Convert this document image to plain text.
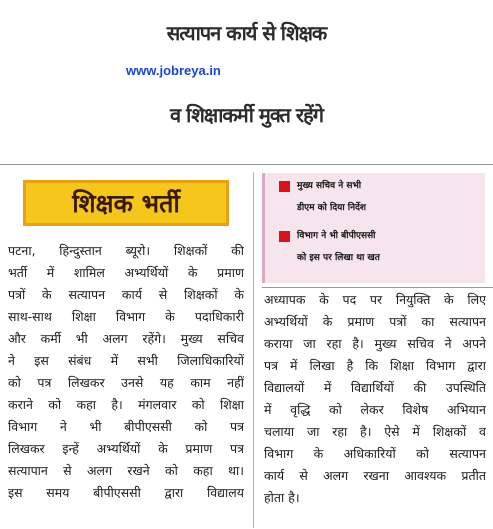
सत्यापन कार्य से शिक्षक
www.jobreya.in
व शिक्षाकर्मी मुक्त रहेंगे
शिक्षक भर्ती
मुख्य सचिव ने सभी
डीएम को दिया निर्देश
विभाग ने भी बीपीएससी
को इस पर लिखा था खत
पटना, हिन्दुस्तान ब्यूरो। शिक्षकों की
भर्ती में शामिल अभ्यर्थियों के प्रमाण
पत्रों के सत्यापन कार्य से शिक्षकों के
साथ-साथ शिक्षा विभाग के पदाधिकारी
और कर्मी भी अलग रहेंगे। मुख्य सचिव
ने इस संबंध में सभी जिलाधिकारियों
को पत्र लिखकर उनसे यह काम नहीं
कराने को कहा है। मंगलवार को शिक्षा
विभाग ने भी बीपीएससी को पत्र
लिखकर इन्हें अभ्यर्थियों के प्रमाण पत्र
सत्यापान से अलग रखने को कहा था।
इस समय बीपीएससी द्वारा विद्यालय
अध्यापक के पद पर नियुक्ति के लिए
अभ्यर्थियों के प्रमाण पत्रों का सत्यापन
कराया जा रहा है। मुख्य सचिव ने अपने
पत्र में लिखा है कि शिक्षा विभाग द्वारा
विद्यालयों में विद्यार्थियों की उपस्थिति
में वृद्धि को लेकर विशेष अभियान
चलाया जा रहा है। ऐसे में शिक्षकों व
विभाग के अधिकारियों को सत्यापन
कार्य से अलग रखना आवश्यक प्रतीत
होता है।
